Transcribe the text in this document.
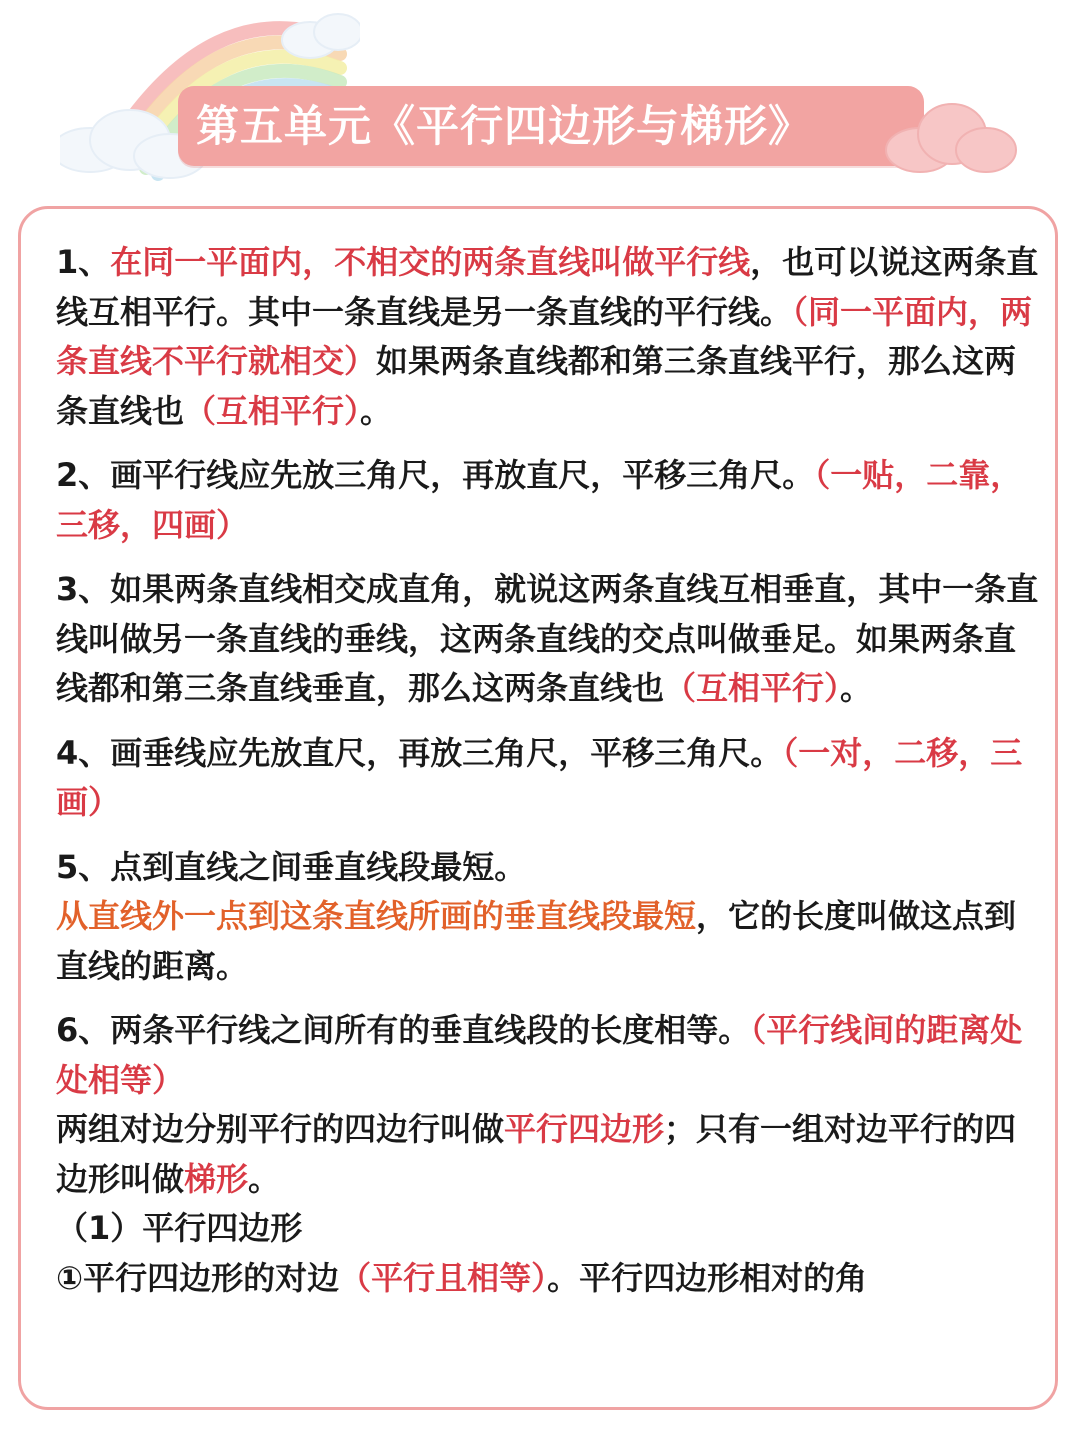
第五单元《平行四边形与梯形》

1、在同一平面内，不相交的两条直线叫做平行线，也可以说这两条直线互相平行。其中一条直线是另一条直线的平行线。（同一平面内，两条直线不平行就相交）如果两条直线都和第三条直线平行，那么这两条直线也（互相平行）。

2、画平行线应先放三角尺，再放直尺，平移三角尺。（一贴，二靠，三移，四画）

3、如果两条直线相交成直角，就说这两条直线互相垂直，其中一条直线叫做另一条直线的垂线，这两条直线的交点叫做垂足。如果两条直线都和第三条直线垂直，那么这两条直线也（互相平行）。

4、画垂线应先放直尺，再放三角尺，平移三角尺。（一对，二移，三画）

5、点到直线之间垂直线段最短。
从直线外一点到这条直线所画的垂直线段最短，它的长度叫做这点到直线的距离。

6、两条平行线之间所有的垂直线段的长度相等。（平行线间的距离处处相等）

两组对边分别平行的四边行叫做平行四边形；只有一组对边平行的四边形叫做梯形。

（1）平行四边形

①平行四边形的对边（平行且相等）。平行四边形相对的角
